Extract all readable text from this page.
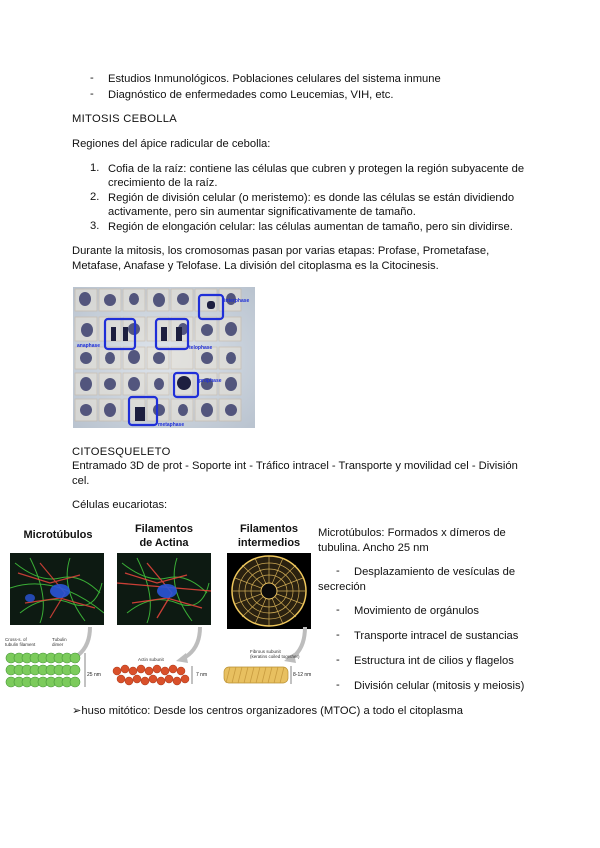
- Estudios Inmunológicos. Poblaciones celulares del sistema inmune
- Diagnóstico de enfermedades como Leucemias, VIH, etc.
MITOSIS CEBOLLA
Regiones del ápice radicular de cebolla:
1. Cofia de la raíz: contiene las células que cubren y protegen la región subyacente de
crecimiento de la raíz.
2. Región de división celular (o meristemo): es donde las células se están dividiendo
activamente, pero sin aumentar significativamente de tamaño.
3. Región de elongación celular: las células aumentan de tamaño, pero sin dividirse.
Durante la mitosis, los cromosomas pasan por varias etapas: Profase, Prometafase,
Metafase, Anafase y Telofase. La división del citoplasma es la Citocinesis.
interphase
anaphase	telophase
prophase
metaphase
CITOESQUELETO
Entramado 3D de prot - Soporte int - Tráfico intracel - Transporte y movilidad cel - División
cel.
Células eucariotas:
Microtúbulos	Filamentos
de Actina
Filamentos
intermedios
Cross-s. of
tubulin filament
Tubulin
dimer
25 nm
Actin subunit
7 nm
Fibrous subunit
(keratins coiled together)
8-12 nm
Microtúbulos: Formados x dímeros de
tubulina. Ancho 25 nm
- Desplazamiento de vesículas de
secreción
- Movimiento de orgánulos
- Transporte intracel de sustancias
- Estructura int de cilios y flagelos
- División celular (mitosis y meiosis)
➢huso mitótico: Desde los centros organizadores (MTOC) a todo el citoplasma
